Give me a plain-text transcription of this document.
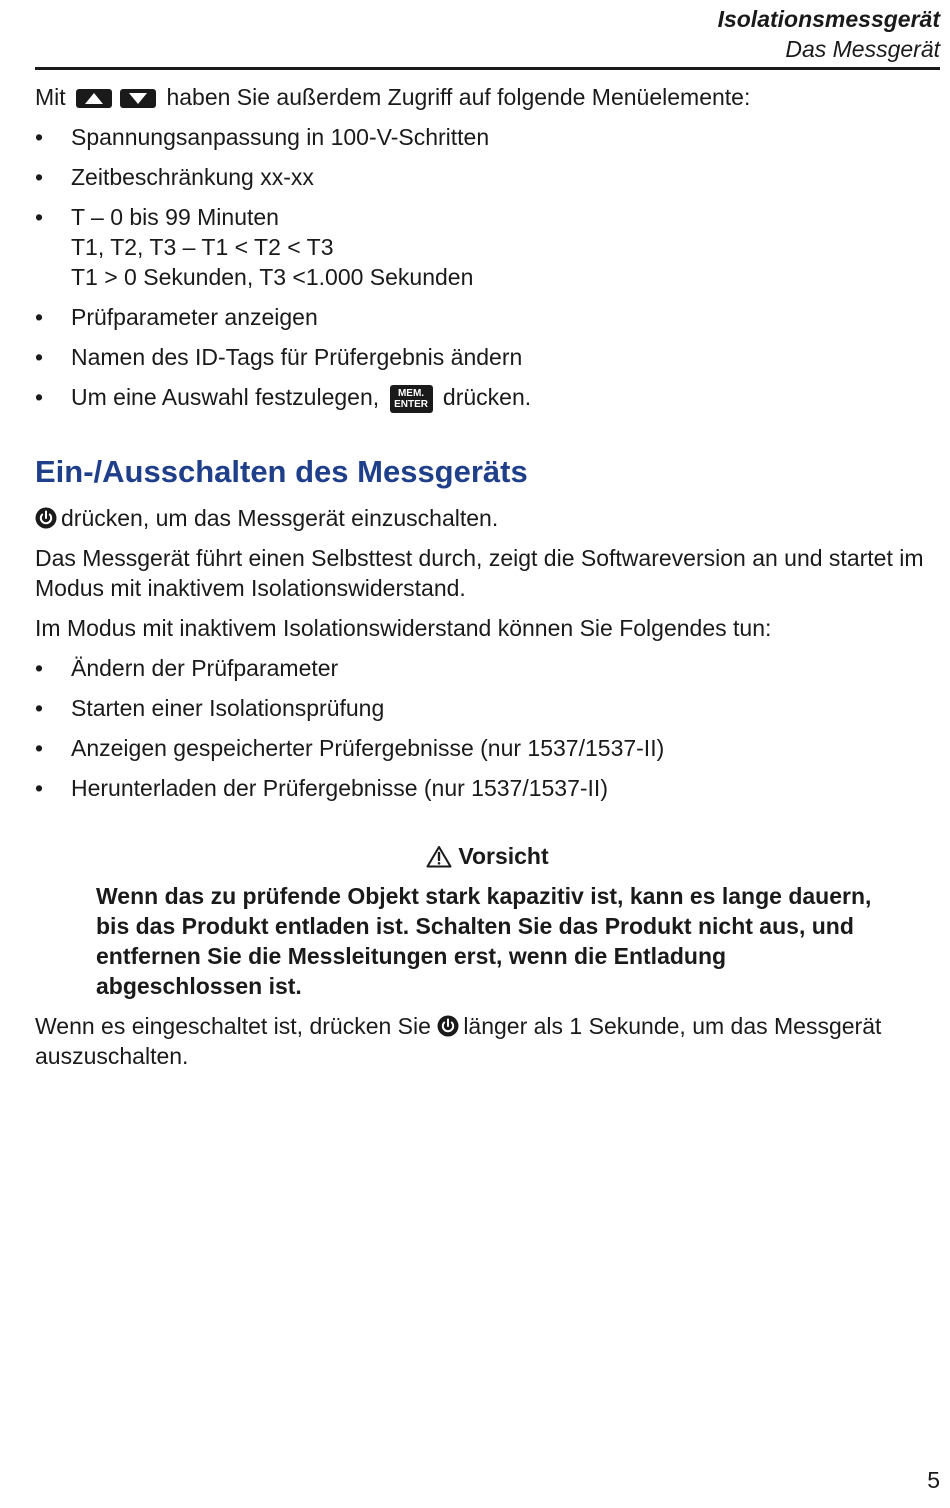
Isolationsmessgerät
Das Messgerät

Mit	haben Sie außerdem Zugriff auf folgende Menüelemente:

• Spannungsanpassung in 100-V-Schritten
• Zeitbeschränkung xx-xx
• T – 0 bis 99 Minuten
T1, T2, T3 – T1 < T2 < T3
T1 > 0 Sekunden, T3 <1.000 Sekunden
• Prüfparameter anzeigen
• Namen des ID-Tags für Prüfergebnis ändern
• Um eine Auswahl festzulegen, MEM.
ENTER drücken.
Ein-/Ausschalten des Messgeräts

drücken, um das Messgerät einzuschalten.

Das Messgerät führt einen Selbsttest durch, zeigt die Softwareversion an und startet im Modus mit inaktivem Isolationswiderstand.

Im Modus mit inaktivem Isolationswiderstand können Sie Folgendes tun:

• Ändern der Prüfparameter
• Starten einer Isolationsprüfung
• Anzeigen gespeicherter Prüfergebnisse (nur 1537/1537-II)
• Herunterladen der Prüfergebnisse (nur 1537/1537-II)
Vorsicht
Wenn das zu prüfende Objekt stark kapazitiv ist, kann es lange dauern, bis das Produkt entladen ist. Schalten Sie das Produkt nicht aus, und entfernen Sie die Messleitungen erst, wenn die Entladung abgeschlossen ist.

Wenn es eingeschaltet ist, drücken Sie länger als 1 Sekunde, um das Messgerät auszuschalten.

5
